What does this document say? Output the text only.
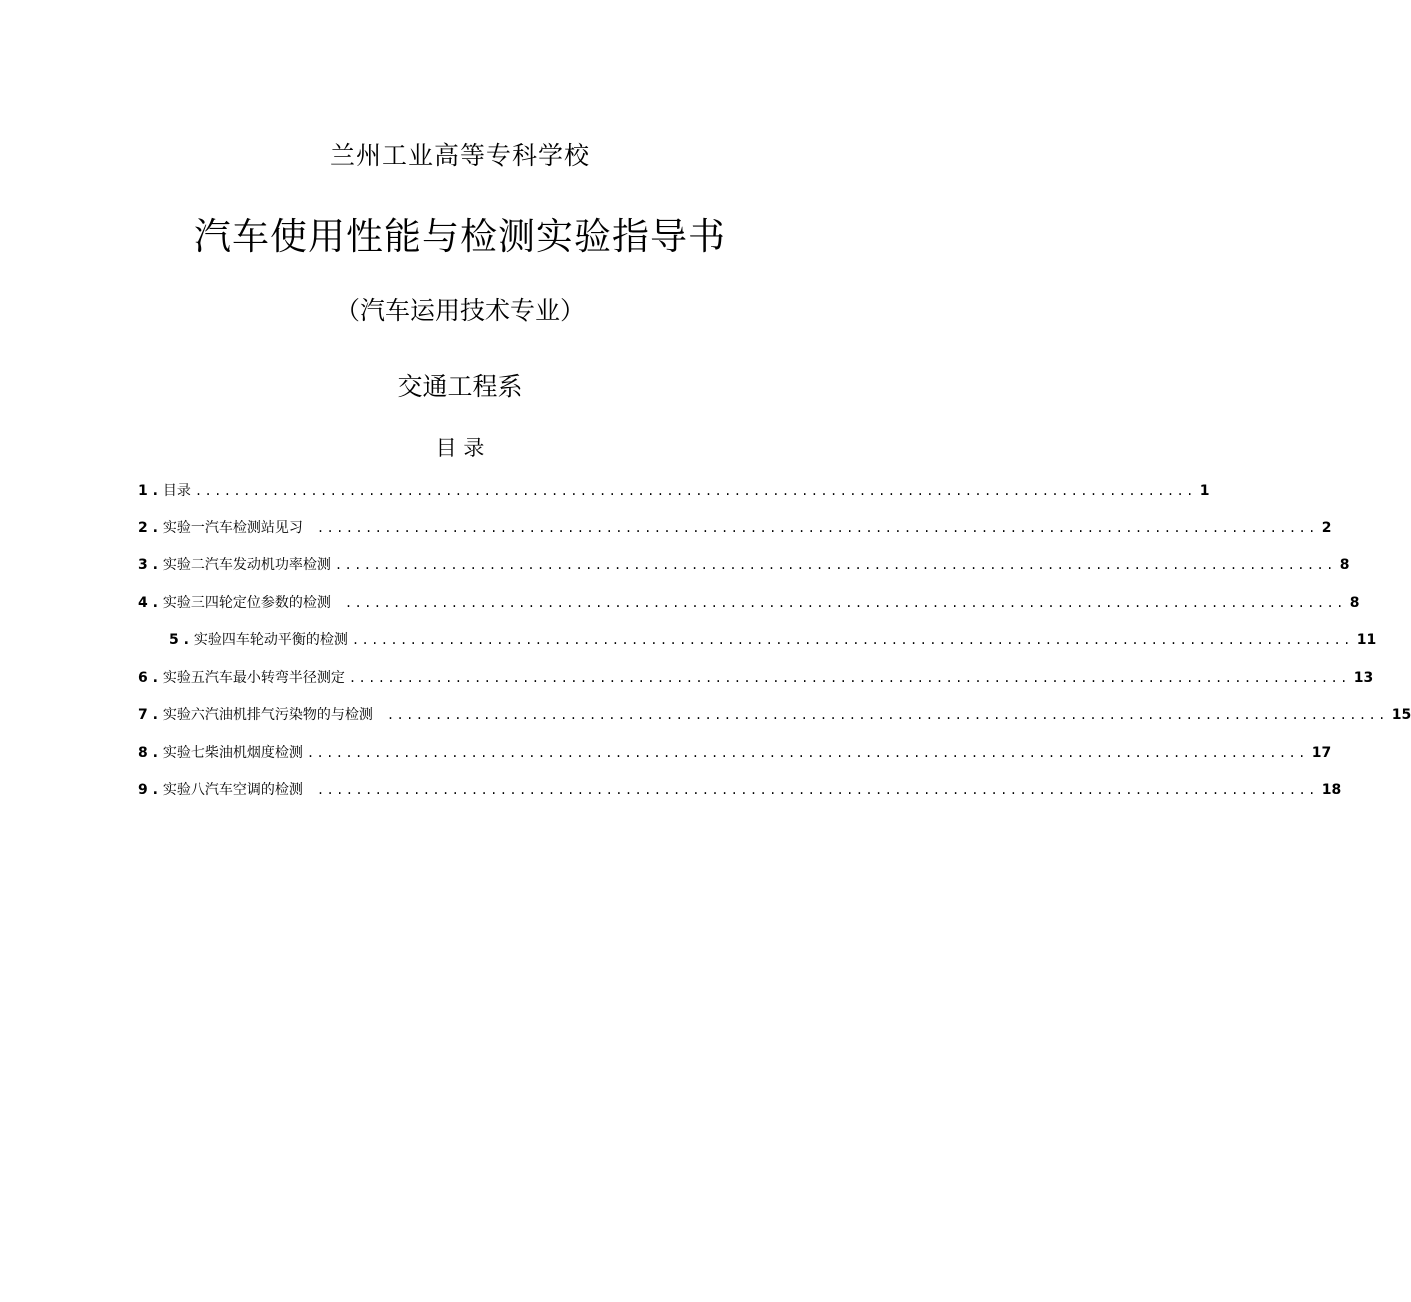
兰州工业高等专科学校
汽车使用性能与检测实验指导书
（汽车运用技术专业）
交通工程系
目 录
1 . 目录 ........................................................................................................ 1
2 . 实验一 汽车检测站见习 ........................................................................................................ 2
3 . 实验二汽车发动机功率检测 ........................................................................................................ 8
4 . 实验三 四轮定位参数的检测 ........................................................................................................ 8
5 . 实验四车轮动平衡的检测 ........................................................................................................ 11
6 . 实验五汽车最小转弯半径测定 ........................................................................................................ 13
7 . 实验六 汽油机排气污染物的与检测 ........................................................................................................ 15
8 . 实验七柴油机烟度检测 ........................................................................................................ 17
9 . 实验八 汽车空调的检测 ........................................................................................................ 18
